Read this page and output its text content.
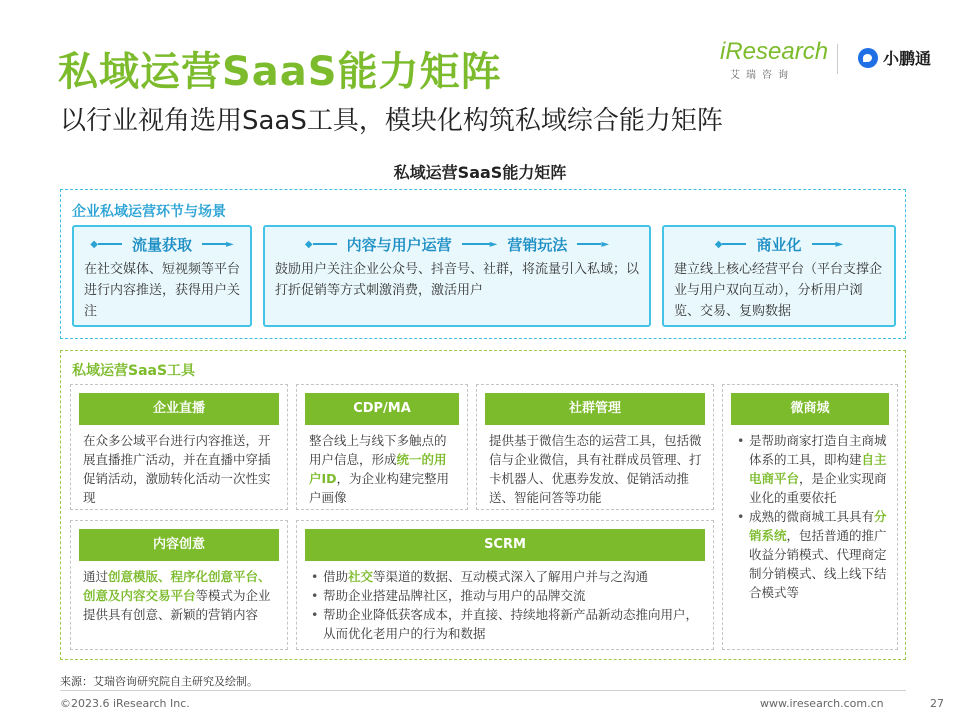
私域运营SaaS能力矩阵
以行业视角选用SaaS工具，模块化构筑私域综合能力矩阵
iResearch
艾瑞咨询
小鹏通
私域运营SaaS能力矩阵
企业私域运营环节与场景
◆	流量获取	►
在社交媒体、短视频等平台进行内容推送，获得用户关注
◆	内容与用户运营	► 营销玩法	►
鼓励用户关注企业公众号、抖音号、社群，将流量引入私域；以打折促销等方式刺激消费，激活用户
◆	商业化	►
建立线上核心经营平台（平台支撑企业与用户双向互动），分析用户浏览、交易、复购数据
私域运营SaaS工具
企业直播
在众多公域平台进行内容推送，开展直播推广活动，并在直播中穿插促销活动，激励转化活动一次性实现
CDP/MA
整合线上与线下多触点的用户信息，形成统一的用户ID，为企业构建完整用户画像
社群管理
提供基于微信生态的运营工具，包括微信与企业微信，具有社群成员管理、打卡机器人、优惠券发放、促销活动推送、智能问答等功能
微商城
• 是帮助商家打造自主商城体系的工具，即构建自主电商平台，是企业实现商业化的重要依托
• 成熟的微商城工具具有分销系统，包括普通的推广收益分销模式、代理商定制分销模式、线上线下结合模式等
内容创意
通过创意模版、程序化创意平台、创意及内容交易平台等模式为企业提供具有创意、新颖的营销内容
SCRM
• 借助社交等渠道的数据、互动模式深入了解用户并与之沟通
• 帮助企业搭建品牌社区，推动与用户的品牌交流
• 帮助企业降低获客成本，并直接、持续地将新产品新动态推向用户，从而优化老用户的行为和数据
来源：艾瑞咨询研究院自主研究及绘制。
©2023.6 iResearch Inc.	www.iresearch.com.cn	27
